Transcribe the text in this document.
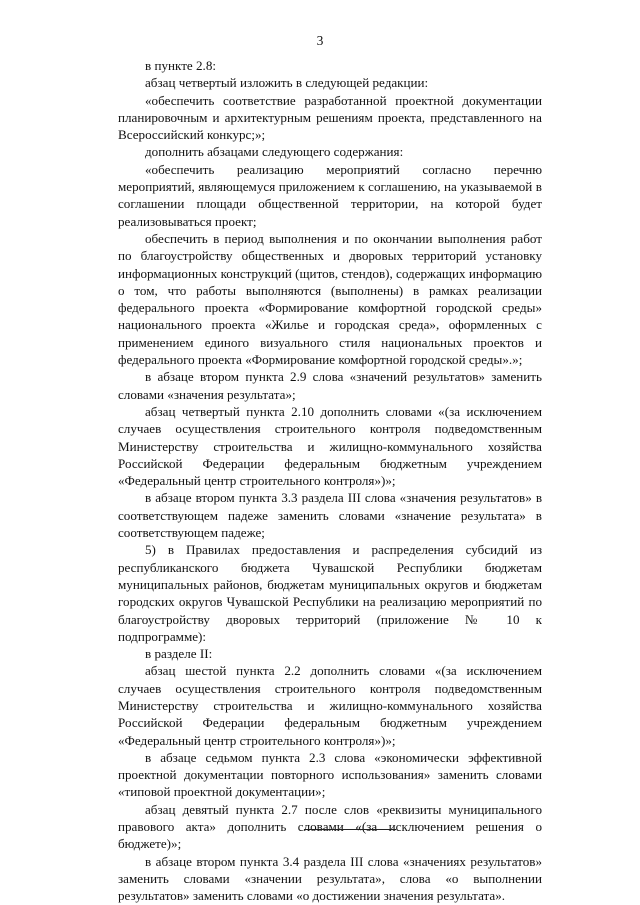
3

в пункте 2.8:

абзац четвертый изложить в следующей редакции:

«обеспечить соответствие разработанной проектной документации планировочным и архитектурным решениям проекта, представленного на Всероссийский конкурс;»;

дополнить абзацами следующего содержания:

«обеспечить реализацию мероприятий согласно перечню мероприятий, являющемуся приложением к соглашению, на указываемой в соглашении площади общественной территории, на которой будет реализовываться проект;

обеспечить в период выполнения и по окончании выполнения работ по благоустройству общественных и дворовых территорий установку информационных конструкций (щитов, стендов), содержащих информацию о том, что работы выполняются (выполнены) в рамках реализации федерального проекта «Формирование комфортной городской среды» национального проекта «Жилье и городская среда», оформленных с применением единого визуального стиля национальных проектов и федерального проекта «Формирование комфортной городской среды».»;

в абзаце втором пункта 2.9 слова «значений результатов» заменить словами «значения результата»;

абзац четвертый пункта 2.10 дополнить словами «(за исключением случаев осуществления строительного контроля подведомственным Министерству строительства и жилищно-коммунального хозяйства Российской Федерации федеральным бюджетным учреждением «Федеральный центр строительного контроля»)»;

в абзаце втором пункта 3.3 раздела III слова «значения результатов» в соответствующем падеже заменить словами «значение результата» в соответствующем падеже;

5) в Правилах предоставления и распределения субсидий из республиканского бюджета Чувашской Республики бюджетам муниципальных районов, бюджетам муниципальных округов и бюджетам городских округов Чувашской Республики на реализацию мероприятий по благоустройству дворовых территорий (приложение № 10 к подпрограмме):

в разделе II:

абзац шестой пункта 2.2 дополнить словами «(за исключением случаев осуществления строительного контроля подведомственным Министерству строительства и жилищно-коммунального хозяйства Российской Федерации федеральным бюджетным учреждением «Федеральный центр строительного контроля»)»;

в абзаце седьмом пункта 2.3 слова «экономически эффективной проектной документации повторного использования» заменить словами «типовой проектной документации»;

абзац девятый пункта 2.7 после слов «реквизиты муниципального правового акта» дополнить словами «(за исключением решения о бюджете)»;

в абзаце втором пункта 3.4 раздела III слова «значениях результатов» заменить словами «значении результата», слова «о выполнении результатов» заменить словами «о достижении значения результата».
